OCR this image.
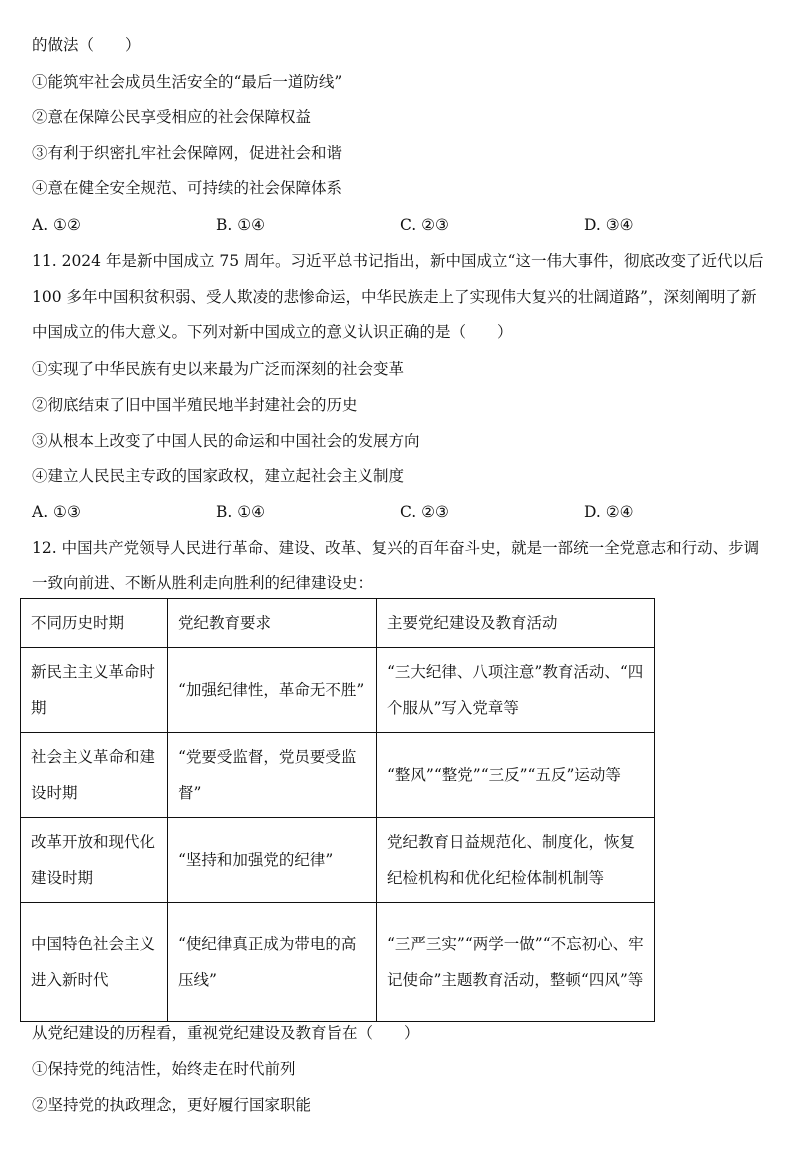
的做法（　　）
①能筑牢社会成员生活安全的“最后一道防线”
②意在保障公民享受相应的社会保障权益
③有利于织密扎牢社会保障网，促进社会和谐
④意在健全安全规范、可持续的社会保障体系
A. ①②	B. ①④	C. ②③	D. ③④
11. 2024 年是新中国成立 75 周年。习近平总书记指出，新中国成立“这一伟大事件，彻底改变了近代以后
100 多年中国积贫积弱、受人欺凌的悲惨命运，中华民族走上了实现伟大复兴的壮阔道路”，深刻阐明了新
中国成立的伟大意义。下列对新中国成立的意义认识正确的是（　　）
①实现了中华民族有史以来最为广泛而深刻的社会变革
②彻底结束了旧中国半殖民地半封建社会的历史
③从根本上改变了中国人民的命运和中国社会的发展方向
④建立人民民主专政的国家政权，建立起社会主义制度
A. ①③	B. ①④	C. ②③	D. ②④
12. 中国共产党领导人民进行革命、建设、改革、复兴的百年奋斗史，就是一部统一全党意志和行动、步调
一致向前进、不断从胜利走向胜利的纪律建设史：
不同历史时期	党纪教育要求	主要党纪建设及教育活动
新民主主义革命时期	“加强纪律性，革命无不胜”	“三大纪律、八项注意”教育活动、“四个服从”写入党章等
社会主义革命和建设时期	“党要受监督，党员要受监督”	“整风”“整党”“三反”“五反”运动等
改革开放和现代化建设时期	“坚持和加强党的纪律”	党纪教育日益规范化、制度化，恢复纪检机构和优化纪检体制机制等
中国特色社会主义进入新时代	“使纪律真正成为带电的高压线”	“三严三实”“两学一做”“不忘初心、牢记使命”主题教育活动，整顿“四风”等
从党纪建设的历程看，重视党纪建设及教育旨在（　　）
①保持党的纯洁性，始终走在时代前列
②坚持党的执政理念，更好履行国家职能
